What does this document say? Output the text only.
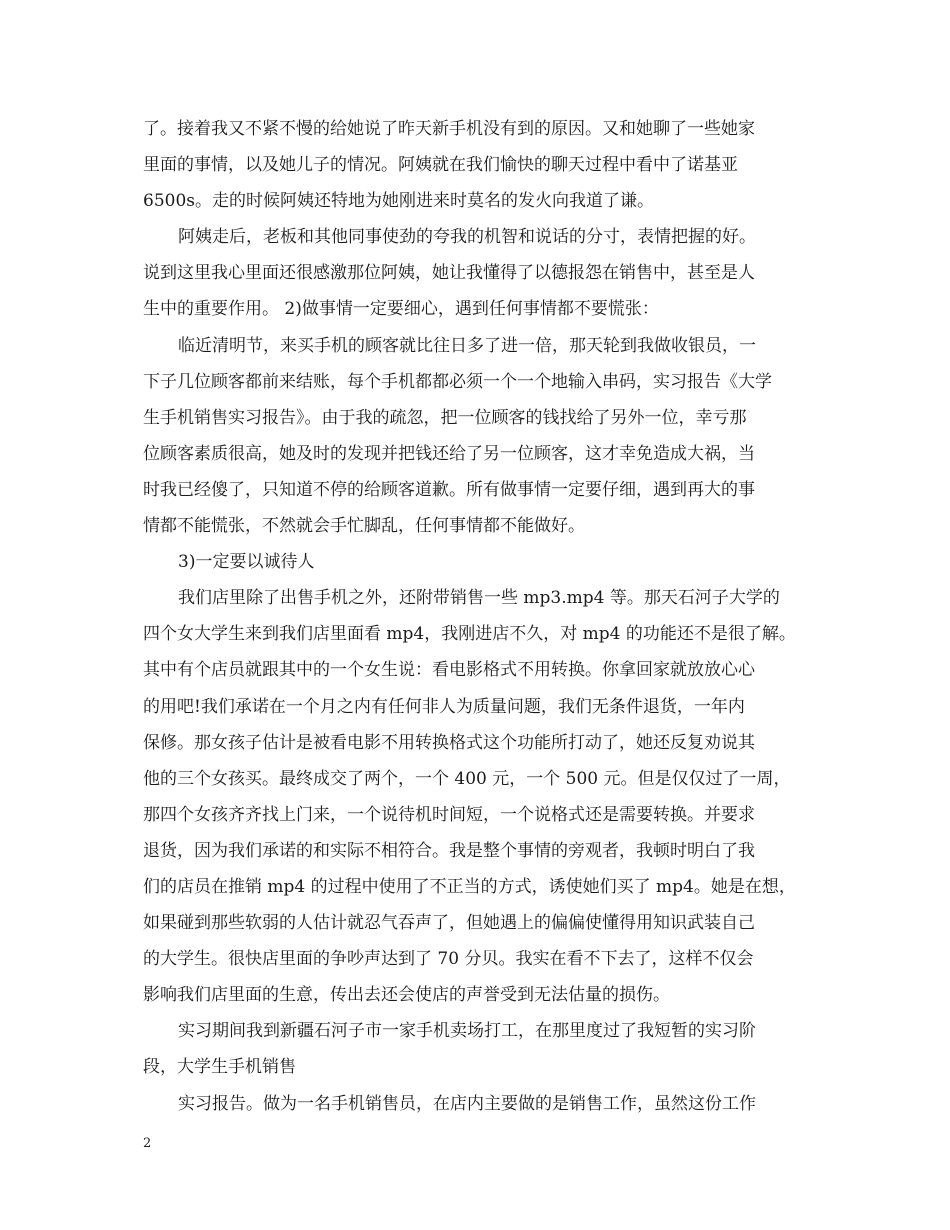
了。接着我又不紧不慢的给她说了昨天新手机没有到的原因。又和她聊了一些她家
里面的事情，以及她儿子的情况。阿姨就在我们愉快的聊天过程中看中了诺基亚
6500s。走的时候阿姨还特地为她刚进来时莫名的发火向我道了谦。
阿姨走后，老板和其他同事使劲的夸我的机智和说话的分寸，表情把握的好。
说到这里我心里面还很感激那位阿姨，她让我懂得了以德报怨在销售中，甚至是人
生中的重要作用。 2)做事情一定要细心，遇到任何事情都不要慌张：
临近清明节，来买手机的顾客就比往日多了进一倍，那天轮到我做收银员，一
下子几位顾客都前来结账，每个手机都都必须一个一个地输入串码，实习报告《大学
生手机销售实习报告》。由于我的疏忽，把一位顾客的钱找给了另外一位，幸亏那
位顾客素质很高，她及时的发现并把钱还给了另一位顾客，这才幸免造成大祸，当
时我已经傻了，只知道不停的给顾客道歉。所有做事情一定要仔细，遇到再大的事
情都不能慌张，不然就会手忙脚乱，任何事情都不能做好。
3)一定要以诚待人
我们店里除了出售手机之外，还附带销售一些 mp3.mp4 等。那天石河子大学的
四个女大学生来到我们店里面看 mp4，我刚进店不久，对 mp4 的功能还不是很了解。
其中有个店员就跟其中的一个女生说：看电影格式不用转换。你拿回家就放放心心
的用吧!我们承诺在一个月之内有任何非人为质量问题，我们无条件退货，一年内
保修。那女孩子估计是被看电影不用转换格式这个功能所打动了，她还反复劝说其
他的三个女孩买。最终成交了两个，一个 400 元，一个 500 元。但是仅仅过了一周，
那四个女孩齐齐找上门来，一个说待机时间短，一个说格式还是需要转换。并要求
退货，因为我们承诺的和实际不相符合。我是整个事情的旁观者，我顿时明白了我
们的店员在推销 mp4 的过程中使用了不正当的方式，诱使她们买了 mp4。她是在想，
如果碰到那些软弱的人估计就忍气吞声了，但她遇上的偏偏使懂得用知识武装自己
的大学生。很快店里面的争吵声达到了 70 分贝。我实在看不下去了，这样不仅会
影响我们店里面的生意，传出去还会使店的声誉受到无法估量的损伤。
实习期间我到新疆石河子市一家手机卖场打工，在那里度过了我短暂的实习阶
段，大学生手机销售
实习报告。做为一名手机销售员，在店内主要做的是销售工作，虽然这份工作
2
